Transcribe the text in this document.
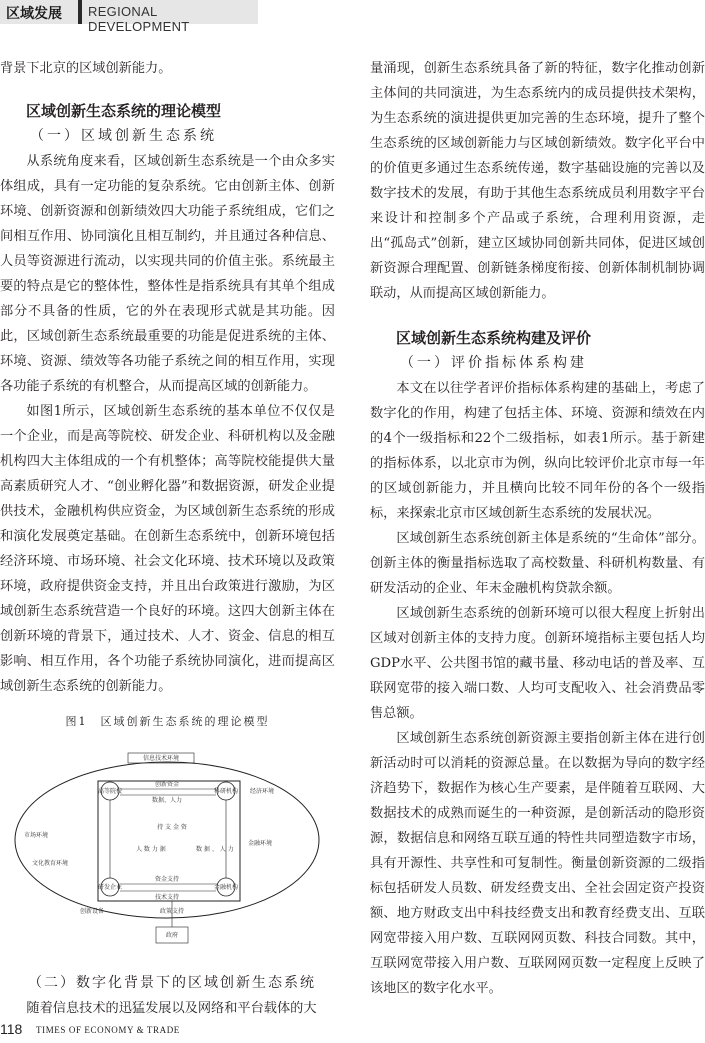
区域发展 REGIONAL DEVELOPMENT

背景下北京的区域创新能力。

区域创新生态系统的理论模型
（一）区域创新生态系统

从系统角度来看，区域创新生态系统是一个由众多实体组成，具有一定功能的复杂系统。它由创新主体、创新环境、创新资源和创新绩效四大功能子系统组成，它们之间相互作用、协同演化且相互制约，并且通过各种信息、人员等资源进行流动，以实现共同的价值主张。系统最主要的特点是它的整体性，整体性是指系统具有其单个组成部分不具备的性质，它的外在表现形式就是其功能。因此，区域创新生态系统最重要的功能是促进系统的主体、环境、资源、绩效等各功能子系统之间的相互作用，实现各功能子系统的有机整合，从而提高区域的创新能力。

如图1所示，区域创新生态系统的基本单位不仅仅是一个企业，而是高等院校、研发企业、科研机构以及金融机构四大主体组成的一个有机整体；高等院校能提供大量高素质研究人才、“创业孵化器”和数据资源，研发企业提供技术，金融机构供应资金，为区域创新生态系统的形成和演化发展奠定基础。在创新生态系统中，创新环境包括经济环境、市场环境、社会文化环境、技术环境以及政策环境，政府提供资金支持，并且出台政策进行激励，为区域创新生态系统营造一个良好的环境。这四大创新主体在创新环境的背景下，通过技术、人才、资金、信息的相互影响、相互作用，各个功能子系统协同演化，进而提高区域创新生态系统的创新能力。

图1　区域创新生态系统的理论模型
信息技术环境
高等院校	科研机构
研发企业	金融机构
创新资金
数据、人力
持 支 金 资
人 数 力 据	数 据 、 人 力
资金支持
技术支持
经济环境
金融环境
市场环境
文化教育环境
创新设备	政策支持
政府
（二）数字化背景下的区域创新生态系统

随着信息技术的迅猛发展以及网络和平台载体的大

量涌现，创新生态系统具备了新的特征，数字化推动创新主体间的共同演进，为生态系统内的成员提供技术架构，为生态系统的演进提供更加完善的生态环境，提升了整个生态系统的区域创新能力与区域创新绩效。数字化平台中的价值更多通过生态系统传递，数字基础设施的完善以及数字技术的发展，有助于其他生态系统成员利用数字平台来设计和控制多个产品或子系统，合理利用资源，走出“孤岛式”创新，建立区域协同创新共同体，促进区域创新资源合理配置、创新链条梯度衔接、创新体制机制协调联动，从而提高区域创新能力。

区域创新生态系统构建及评价
（一）评价指标体系构建

本文在以往学者评价指标体系构建的基础上，考虑了数字化的作用，构建了包括主体、环境、资源和绩效在内的4个一级指标和22个二级指标，如表1所示。基于新建的指标体系，以北京市为例，纵向比较评价北京市每一年的区域创新能力，并且横向比较不同年份的各个一级指标，来探索北京市区域创新生态系统的发展状况。

区域创新生态系统创新主体是系统的“生命体”部分。创新主体的衡量指标选取了高校数量、科研机构数量、有研发活动的企业、年末金融机构贷款余额。

区域创新生态系统的创新环境可以很大程度上折射出区域对创新主体的支持力度。创新环境指标主要包括人均GDP水平、公共图书馆的藏书量、移动电话的普及率、互联网宽带的接入端口数、人均可支配收入、社会消费品零售总额。

区域创新生态系统创新资源主要指创新主体在进行创新活动时可以消耗的资源总量。在以数据为导向的数字经济趋势下，数据作为核心生产要素，是伴随着互联网、大数据技术的成熟而诞生的一种资源，是创新活动的隐形资源，数据信息和网络互联互通的特性共同塑造数字市场，具有开源性、共享性和可复制性。衡量创新资源的二级指标包括研发人员数、研发经费支出、全社会固定资产投资额、地方财政支出中科技经费支出和教育经费支出、互联网宽带接入用户数、互联网网页数、科技合同数。其中，互联网宽带接入用户数、互联网网页数一定程度上反映了该地区的数字化水平。

118 TIMES OF ECONOMY & TRADE
